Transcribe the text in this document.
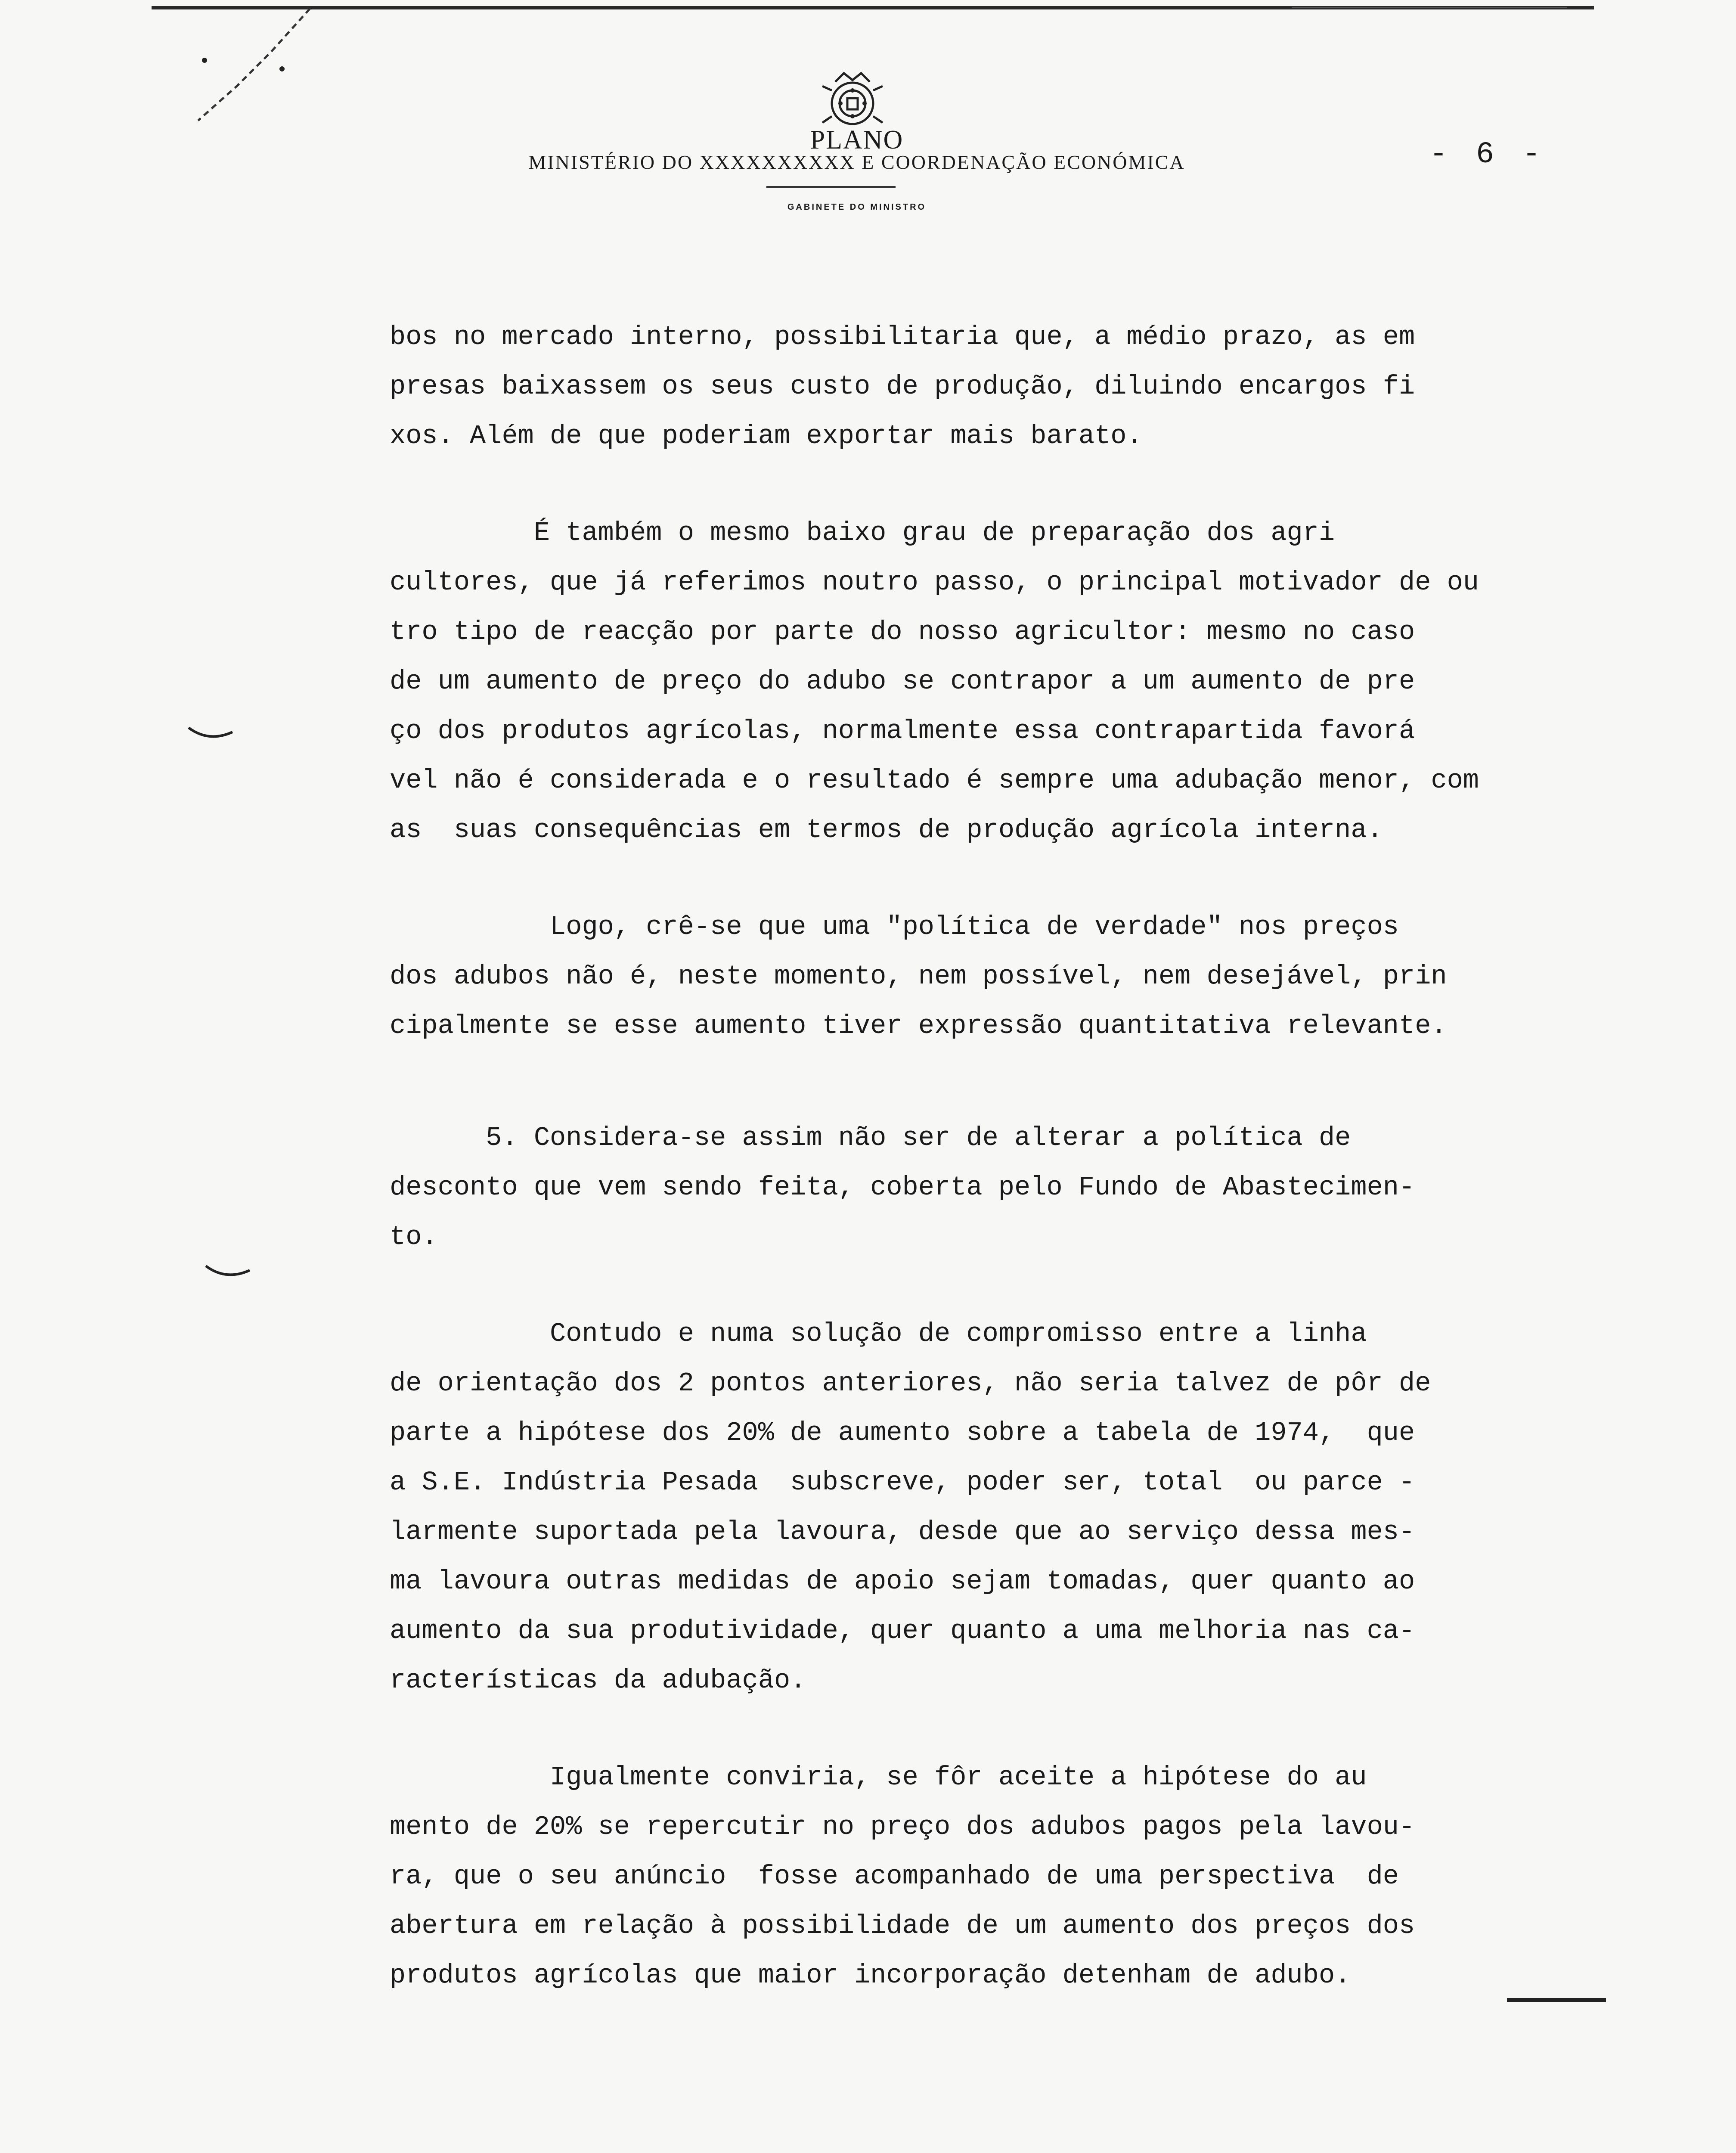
PLANO
MINISTÉRIO DO XXXXXXXXXX E COORDENAÇÃO ECONÓMICA
GABINETE DO MINISTRO
- 6 -
bos no mercado interno, possibilitaria que, a médio prazo, as em
presas baixassem os seus custo de produção, diluindo encargos fi
xos. Além de que poderiam exportar mais barato.
É também o mesmo baixo grau de preparação dos agri
cultores, que já referimos noutro passo, o principal motivador de ou
tro tipo de reacção por parte do nosso agricultor: mesmo no caso
de um aumento de preço do adubo se contrapor a um aumento de pre
ço dos produtos agrícolas, normalmente essa contrapartida favorá
vel não é considerada e o resultado é sempre uma adubação menor, com
as  suas consequências em termos de produção agrícola interna.
Logo, crê-se que uma "política de verdade" nos preços
dos adubos não é, neste momento, nem possível, nem desejável, prin
cipalmente se esse aumento tiver expressão quantitativa relevante.
5. Considera-se assim não ser de alterar a política de
desconto que vem sendo feita, coberta pelo Fundo de Abastecimen-
to.
Contudo e numa solução de compromisso entre a linha
de orientação dos 2 pontos anteriores, não seria talvez de pôr de
parte a hipótese dos 20% de aumento sobre a tabela de 1974,  que
a S.E. Indústria Pesada  subscreve, poder ser, total  ou parce -
larmente suportada pela lavoura, desde que ao serviço dessa mes-
ma lavoura outras medidas de apoio sejam tomadas, quer quanto ao
aumento da sua produtividade, quer quanto a uma melhoria nas ca-
racterísticas da adubação.
Igualmente conviria, se fôr aceite a hipótese do au
mento de 20% se repercutir no preço dos adubos pagos pela lavou-
ra, que o seu anúncio  fosse acompanhado de uma perspectiva  de
abertura em relação à possibilidade de um aumento dos preços dos
produtos agrícolas que maior incorporação detenham de adubo.
